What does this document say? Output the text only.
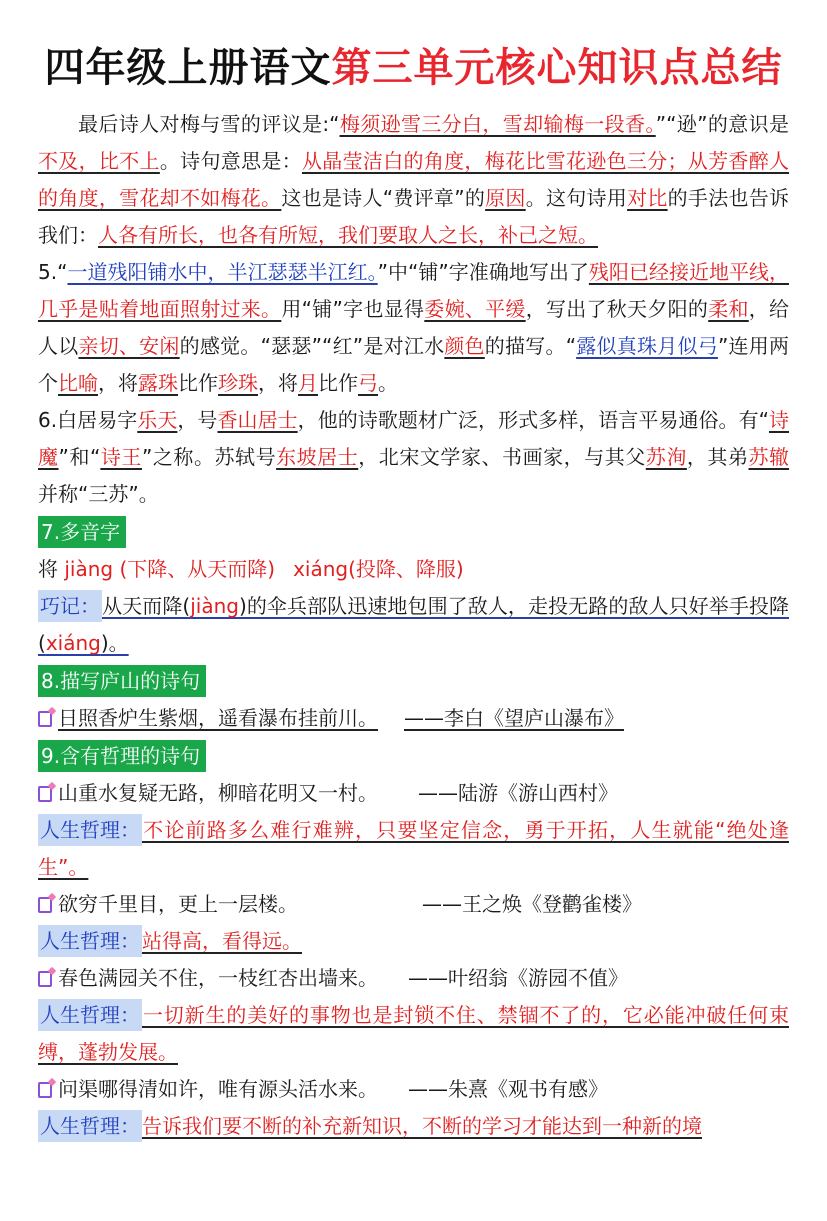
四年级上册语文第三单元核心知识点总结

最后诗人对梅与雪的评议是:“梅须逊雪三分白，雪却输梅一段香。”“逊”的意识是不及，比不上。诗句意思是：从晶莹洁白的角度，梅花比雪花逊色三分；从芳香醉人的角度，雪花却不如梅花。这也是诗人“费评章”的原因。这句诗用对比的手法也告诉我们：人各有所长，也各有所短，我们要取人之长，补己之短。

5.“一道残阳铺水中，半江瑟瑟半江红。”中“铺”字准确地写出了残阳已经接近地平线，几乎是贴着地面照射过来。用“铺”字也显得委婉、平缓，写出了秋天夕阳的柔和，给人以亲切、安闲的感觉。“瑟瑟”“红”是对江水颜色的描写。“露似真珠月似弓”连用两个比喻，将露珠比作珍珠，将月比作弓。

6.白居易字乐天，号香山居士，他的诗歌题材广泛，形式多样，语言平易通俗。有“诗魔”和“诗王”之称。苏轼号东坡居士，北宋文学家、书画家，与其父苏洵，其弟苏辙并称“三苏”。

7.多音字

将 jiàng (下降、从天而降) xiáng(投降、降服)

巧记： 从天而降(jiàng)的伞兵部队迅速地包围了敌人，走投无路的敌人只好举手投降(xiáng)。

8.描写庐山的诗句

日照香炉生紫烟，遥看瀑布挂前川。 ——李白《望庐山瀑布》

9.含有哲理的诗句

山重水复疑无路，柳暗花明又一村。 ——陆游《游山西村》

人生哲理： 不论前路多么难行难辨，只要坚定信念，勇于开拓，人生就能“绝处逢生”。

欲穷千里目，更上一层楼。	——王之焕《登鹳雀楼》

人生哲理： 站得高，看得远。

春色满园关不住，一枝红杏出墙来。 ——叶绍翁《游园不值》

人生哲理： 一切新生的美好的事物也是封锁不住、禁锢不了的，它必能冲破任何束缚，蓬勃发展。

问渠哪得清如许，唯有源头活水来。 ——朱熹《观书有感》

人生哲理： 告诉我们要不断的补充新知识，不断的学习才能达到一种新的境
